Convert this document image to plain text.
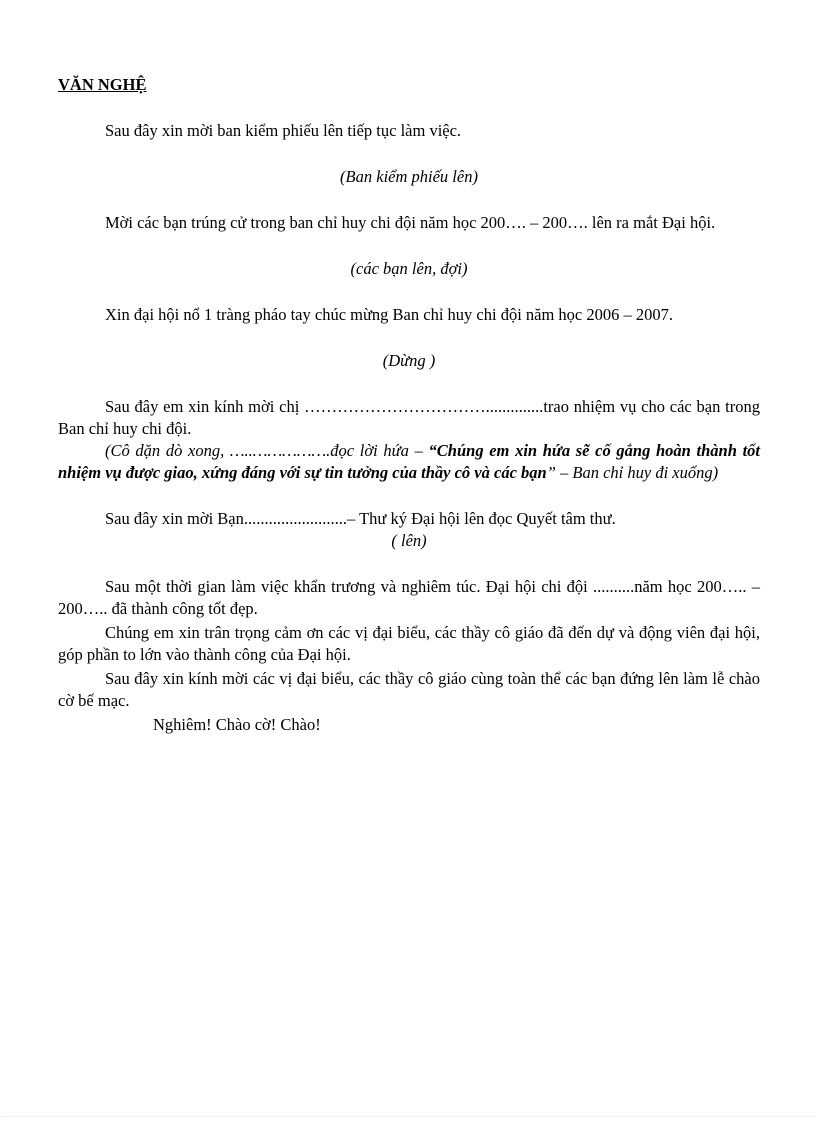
VĂN NGHỆ

Sau đây xin mời ban kiểm phiếu lên tiếp tục làm việc.

(Ban kiểm phiếu lên)

Mời các bạn trúng cử trong ban chỉ huy chi đội năm học 200…. – 200…. lên ra mắt Đại hội.

(các bạn lên, đợi)

Xin đại hội nổ 1 tràng pháo tay chúc mừng Ban chỉ huy chi đội năm học 2006 – 2007.

(Dừng )

Sau đây em xin kính mời chị ……………………………..............trao nhiệm vụ cho các bạn trong Ban chỉ huy chi đội.

(Cô dặn dò xong, …..…………….đọc lời hứa – “Chúng em xin hứa sẽ cố gắng hoàn thành tốt nhiệm vụ được giao, xứng đáng với sự tin tưởng của thầy cô và các bạn” – Ban chỉ huy đi xuống)

Sau đây xin mời Bạn.........................– Thư ký Đại hội lên đọc Quyết tâm thư.

( lên)

Sau một thời gian làm việc khẩn trương và nghiêm túc. Đại hội chi đội ..........năm học 200….. – 200….. đã thành công tốt đẹp.

Chúng em xin trân trọng cảm ơn các vị đại biểu, các thầy cô giáo đã đến dự và động viên đại hội, góp phần to lớn vào thành công của Đại hội.

Sau đây xin kính mời các vị đại biểu, các thầy cô giáo cùng toàn thể các bạn đứng lên làm lễ chào cờ bế mạc.

Nghiêm! Chào cờ! Chào!
